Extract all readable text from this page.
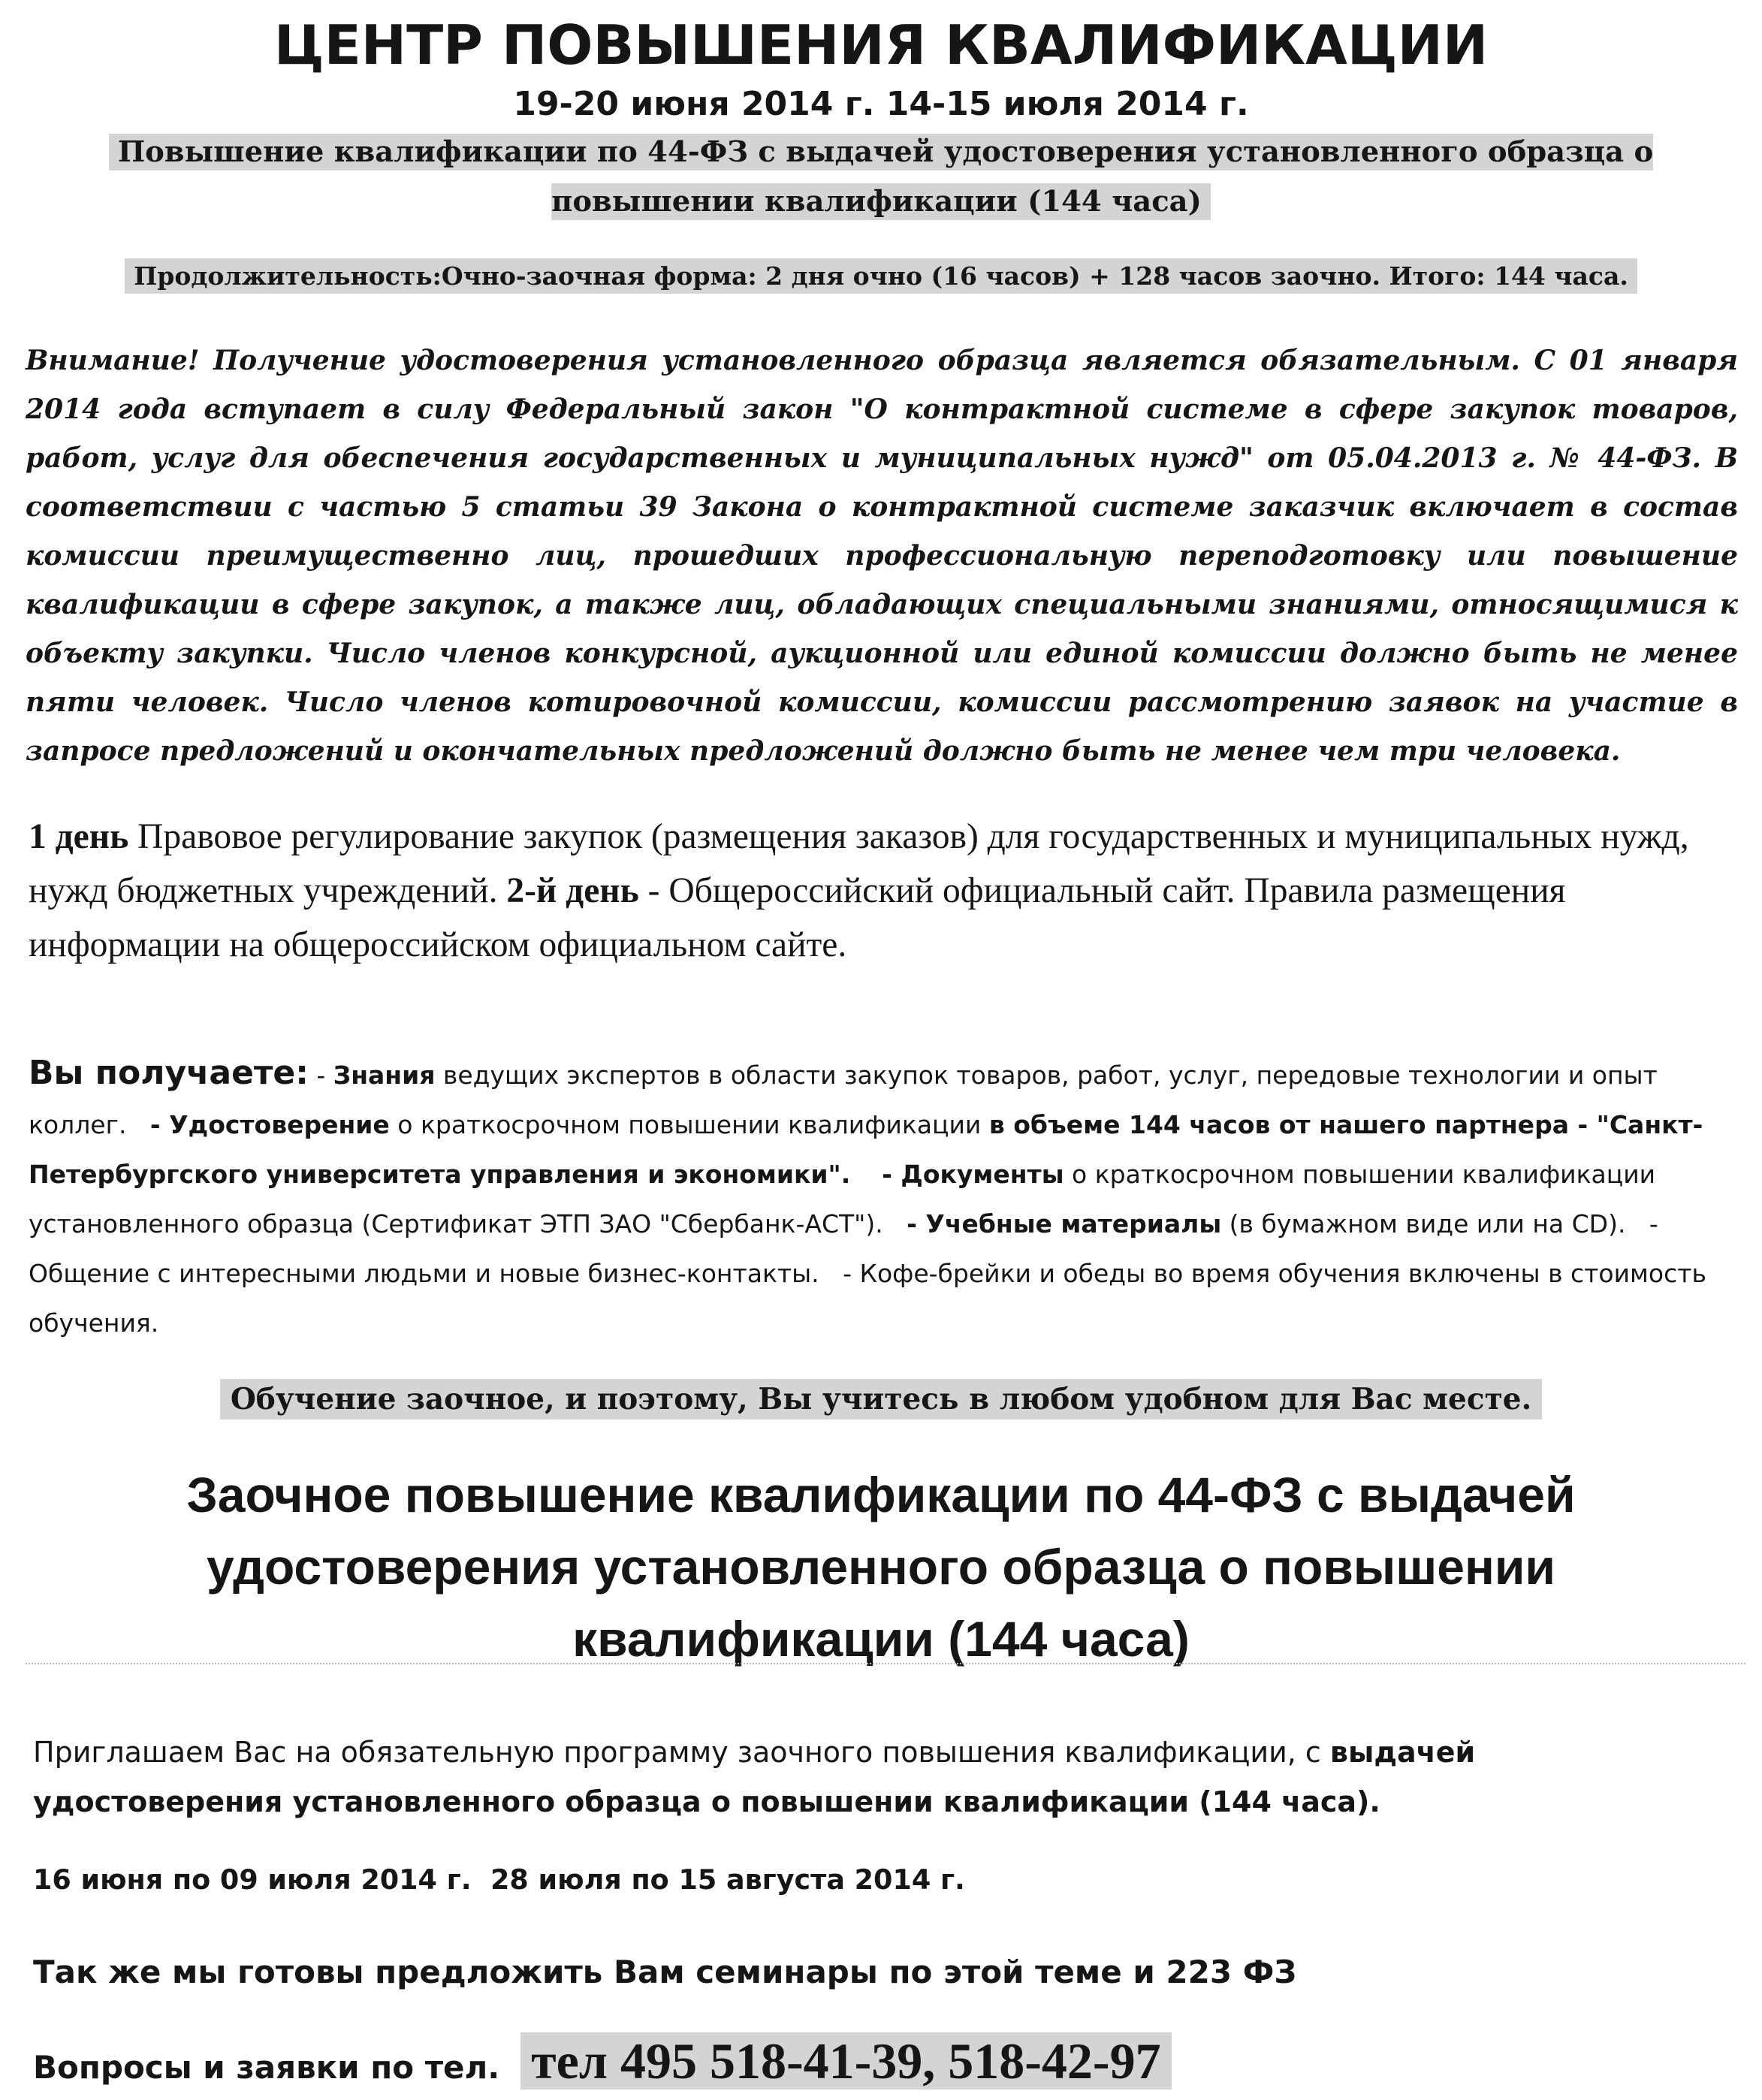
ЦЕНТР ПОВЫШЕНИЯ КВАЛИФИКАЦИИ
19-20 июня 2014 г. 14-15 июля 2014 г.
Повышение квалификации по 44-ФЗ с выдачей удостоверения установленного образца о повышении квалификации (144 часа)
Продолжительность:Очно-заочная форма: 2 дня очно (16 часов) + 128 часов заочно. Итого: 144 часа.
Внимание! Получение удостоверения установленного образца является обязательным. С 01 января 2014 года вступает в силу Федеральный закон "О контрактной системе в сфере закупок товаров, работ, услуг для обеспечения государственных и муниципальных нужд" от 05.04.2013 г. № 44-ФЗ. В соответствии с частью 5 статьи 39 Закона о контрактной системе заказчик включает в состав комиссии преимущественно лиц, прошедших профессиональную переподготовку или повышение квалификации в сфере закупок, а также лиц, обладающих специальными знаниями, относящимися к объекту закупки. Число членов конкурсной, аукционной или единой комиссии должно быть не менее пяти человек. Число членов котировочной комиссии, комиссии рассмотрению заявок на участие в запросе предложений и окончательных предложений должно быть не менее чем три человека.
1 день Правовое регулирование закупок (размещения заказов) для государственных и муниципальных нужд, нужд бюджетных учреждений. 2-й день - Общероссийский официальный сайт. Правила размещения информации на общероссийском официальном сайте.
Вы получаете: - Знания ведущих экспертов в области закупок товаров, работ, услуг, передовые технологии и опыт коллег.   - Удостоверение о краткосрочном повышении квалификации в объеме 144 часов от нашего партнера - "Санкт-Петербургского университета управления и экономики". - Документы о краткосрочном повышении квалификации установленного образца (Сертификат ЭТП ЗАО "Сбербанк-АСТ").   - Учебные материалы (в бумажном виде или на CD).   - Общение с интересными людьми и новые бизнес-контакты.   - Кофе-брейки и обеды во время обучения включены в стоимость обучения.
Обучение заочное, и поэтому, Вы учитесь в любом удобном для Вас месте.
Заочное повышение квалификации по 44-ФЗ с выдачей удостоверения установленного образца о повышении квалификации (144 часа)
Приглашаем Вас на обязательную программу заочного повышения квалификации, с выдачей удостоверения установленного образца о повышении квалификации (144 часа).
16 июня по 09 июля 2014 г.  28 июля по 15 августа 2014 г.
Так же мы готовы предложить Вам семинары по этой теме и 223 ФЗ
Вопросы и заявки по тел. тел 495 518-41-39, 518-42-97
